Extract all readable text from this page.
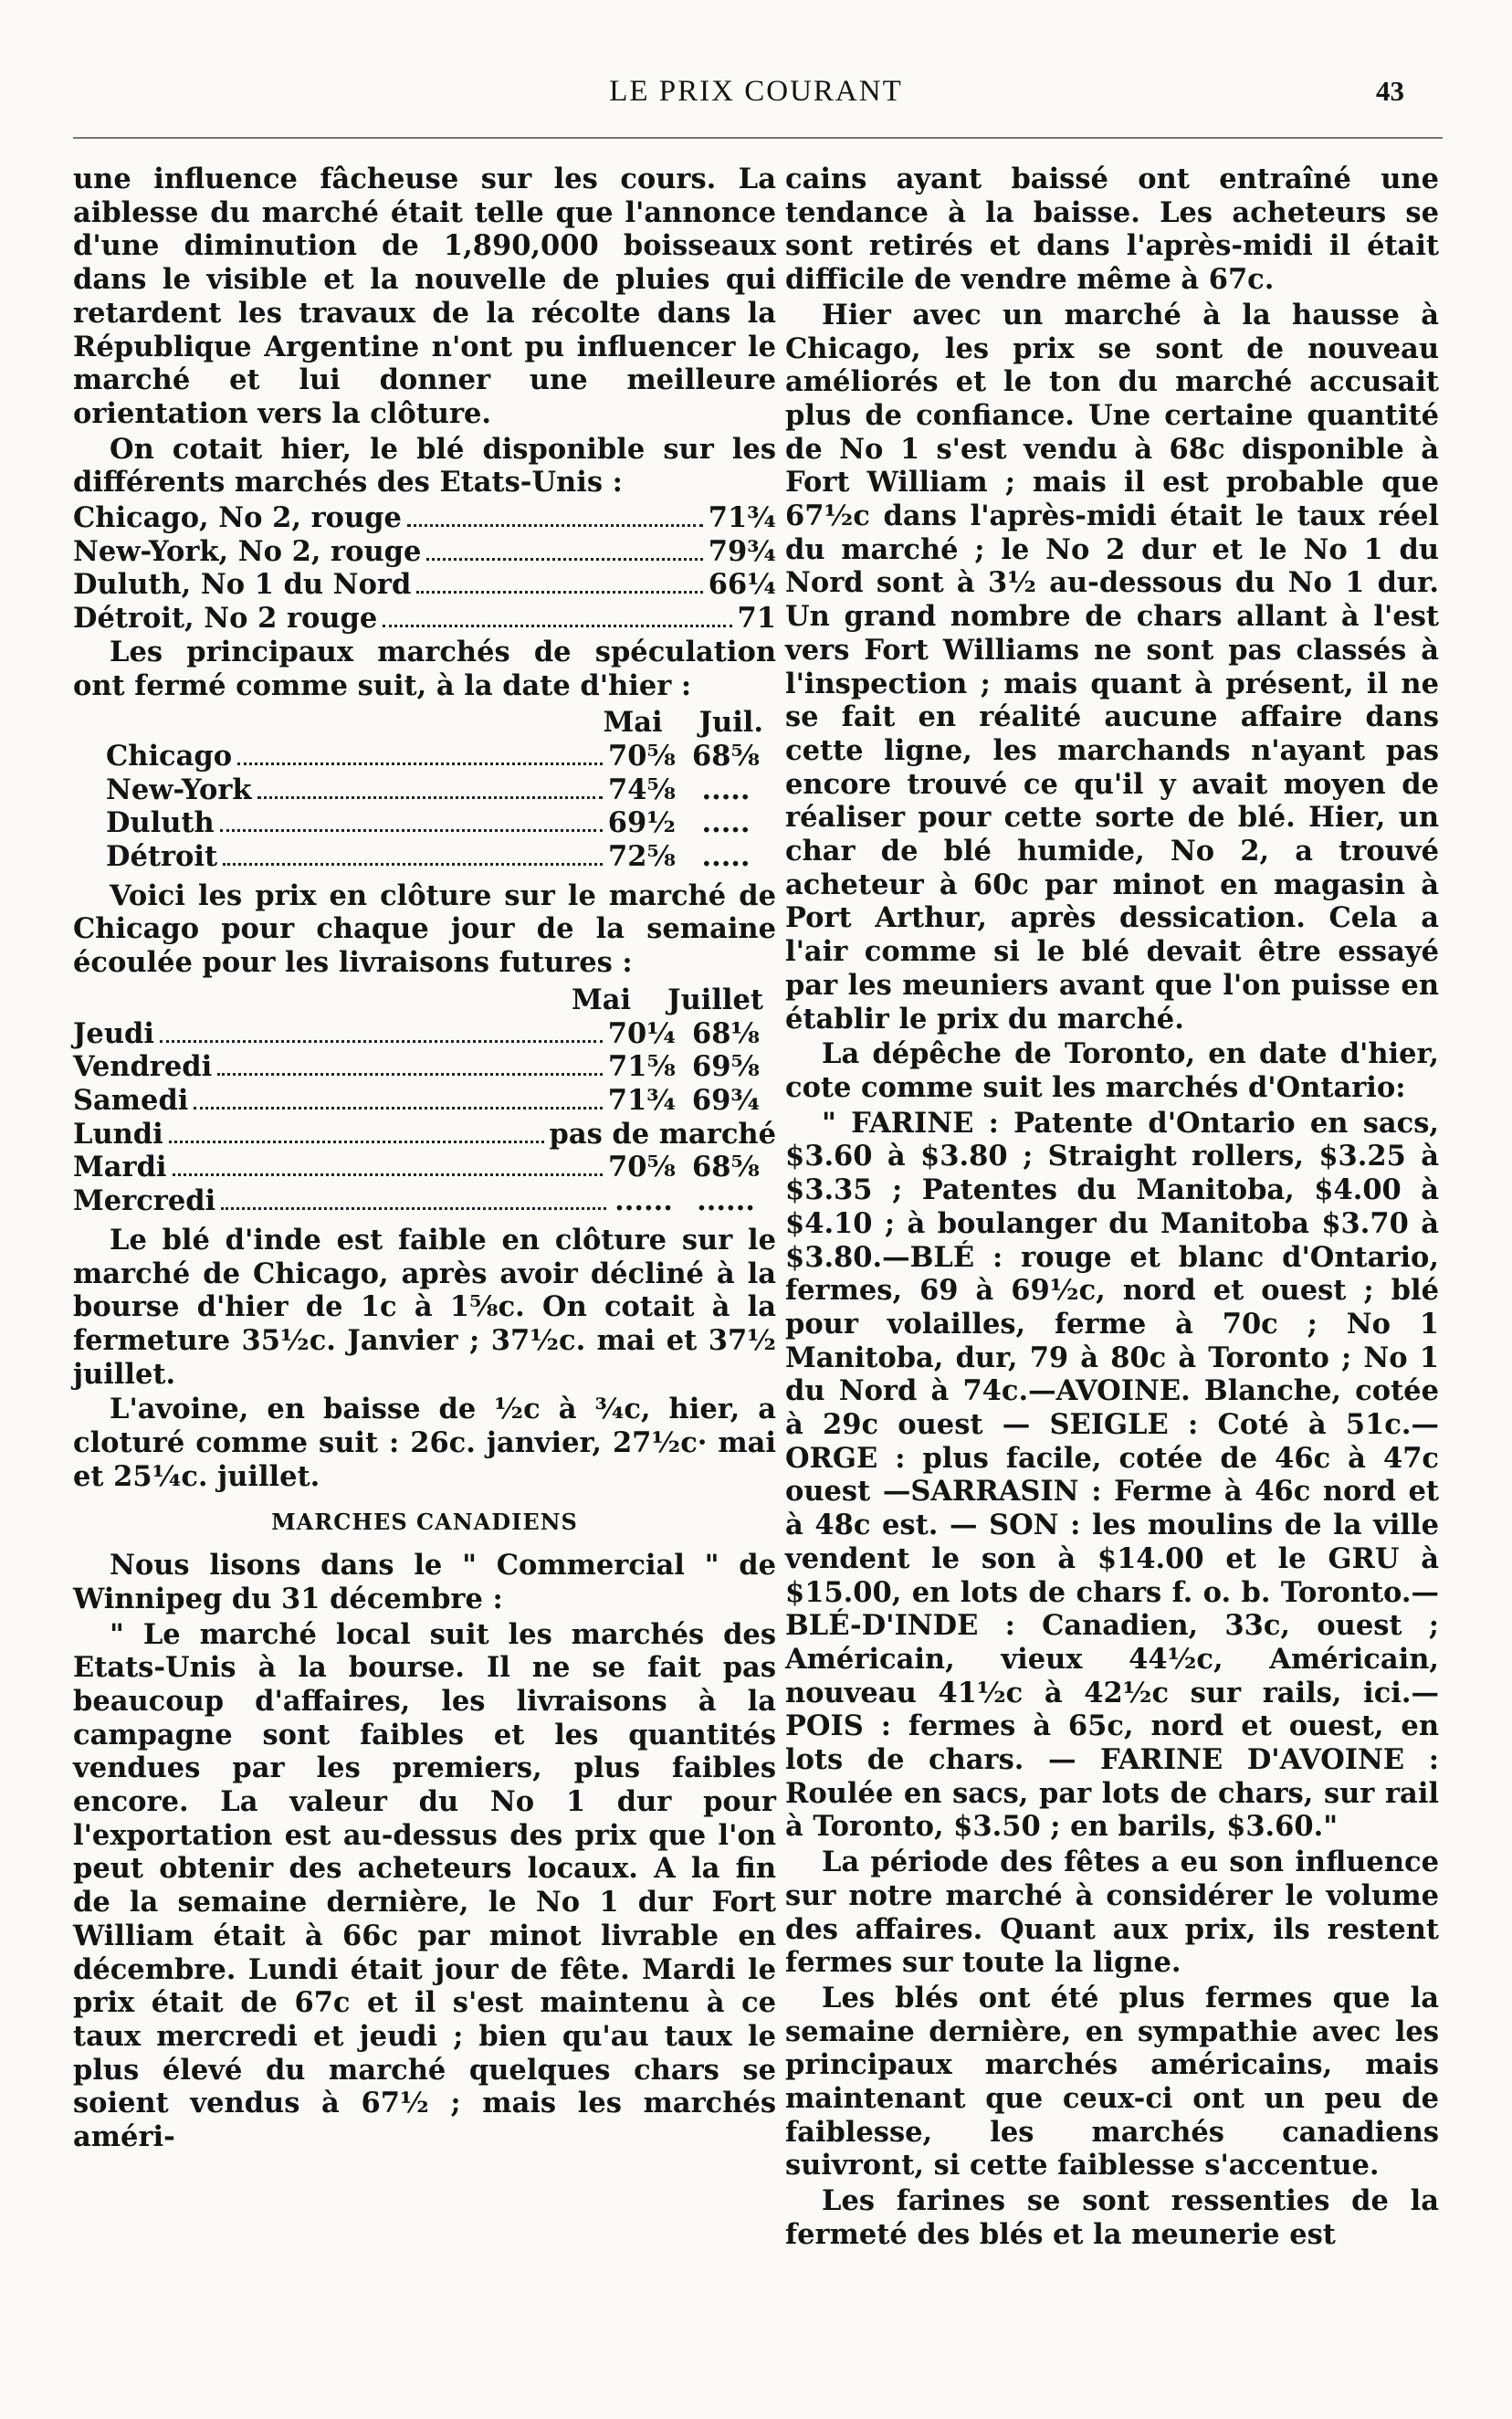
LE PRIX COURANT	43

une influence fâcheuse sur les cours. La aiblesse du marché était telle que l'annonce d'une diminution de 1,890,000 boisseaux dans le visible et la nouvelle de pluies qui retardent les travaux de la récolte dans la République Argentine n'ont pu influencer le marché et lui donner une meilleure orientation vers la clôture.

On cotait hier, le blé disponible sur les différents marchés des Etats-Unis :

Chicago, No 2, rouge	71¾
New-York, No 2, rouge	79¾
Duluth, No 1 du Nord	66¼
Détroit, No 2 rouge	71

Les principaux marchés de spéculation ont fermé comme suit, à la date d'hier :

Mai Juil.
Chicago	70⅝ 68⅝
New-York	74⅝ .....
Duluth	69½ .....
Détroit	72⅝ .....

Voici les prix en clôture sur le marché de Chicago pour chaque jour de la semaine écoulée pour les livraisons futures :

Mai Juillet
Jeudi	70¼ 68⅛
Vendredi	71⅝ 69⅝
Samedi	71¾ 69¾
Lundi	pas de marché
Mardi	70⅝ 68⅝
Mercredi	...... ......

Le blé d'inde est faible en clôture sur le marché de Chicago, après avoir décliné à la bourse d'hier de 1c à 1⅝c. On cotait à la fermeture 35½c. Janvier ; 37½c. mai et 37½ juillet.

L'avoine, en baisse de ½c à ¾c, hier, a cloturé comme suit : 26c. janvier, 27½c· mai et 25¼c. juillet.

MARCHES CANADIENS

Nous lisons dans le " Commercial " de Winnipeg du 31 décembre :

" Le marché local suit les marchés des Etats-Unis à la bourse. Il ne se fait pas beaucoup d'affaires, les livraisons à la campagne sont faibles et les quantités vendues par les premiers, plus faibles encore. La valeur du No 1 dur pour l'exportation est au-dessus des prix que l'on peut obtenir des acheteurs locaux. A la fin de la semaine dernière, le No 1 dur Fort William était à 66c par minot livrable en décembre. Lundi était jour de fête. Mardi le prix était de 67c et il s'est maintenu à ce taux mercredi et jeudi ; bien qu'au taux le plus élevé du marché quelques chars se soient vendus à 67½ ; mais les marchés améri-

cains ayant baissé ont entraîné une tendance à la baisse. Les acheteurs se sont retirés et dans l'après-midi il était difficile de vendre même à 67c.

Hier avec un marché à la hausse à Chicago, les prix se sont de nouveau améliorés et le ton du marché accusait plus de confiance. Une certaine quantité de No 1 s'est vendu à 68c disponible à Fort William ; mais il est probable que 67½c dans l'après-midi était le taux réel du marché ; le No 2 dur et le No 1 du Nord sont à 3½ au-dessous du No 1 dur. Un grand nombre de chars allant à l'est vers Fort Williams ne sont pas classés à l'inspection ; mais quant à présent, il ne se fait en réalité aucune affaire dans cette ligne, les marchands n'ayant pas encore trouvé ce qu'il y avait moyen de réaliser pour cette sorte de blé. Hier, un char de blé humide, No 2, a trouvé acheteur à 60c par minot en magasin à Port Arthur, après dessication. Cela a l'air comme si le blé devait être essayé par les meuniers avant que l'on puisse en établir le prix du marché.

La dépêche de Toronto, en date d'hier, cote comme suit les marchés d'Ontario:

" FARINE : Patente d'Ontario en sacs, $3.60 à $3.80 ; Straight rollers, $3.25 à $3.35 ; Patentes du Manitoba, $4.00 à $4.10 ; à boulanger du Manitoba $3.70 à $3.80.—BLÉ : rouge et blanc d'Ontario, fermes, 69 à 69½c, nord et ouest ; blé pour volailles, ferme à 70c ; No 1 Manitoba, dur, 79 à 80c à Toronto ; No 1 du Nord à 74c.—AVOINE. Blanche, cotée à 29c ouest — SEIGLE : Coté à 51c.—ORGE : plus facile, cotée de 46c à 47c ouest —SARRASIN : Ferme à 46c nord et à 48c est. — SON : les moulins de la ville vendent le son à $14.00 et le GRU à $15.00, en lots de chars f. o. b. Toronto.—BLÉ-D'INDE : Canadien, 33c, ouest ; Américain, vieux 44½c, Américain, nouveau 41½c à 42½c sur rails, ici.— POIS : fermes à 65c, nord et ouest, en lots de chars. — FARINE D'AVOINE : Roulée en sacs, par lots de chars, sur rail à Toronto, $3.50 ; en barils, $3.60."

La période des fêtes a eu son influence sur notre marché à considérer le volume des affaires. Quant aux prix, ils restent fermes sur toute la ligne.

Les blés ont été plus fermes que la semaine dernière, en sympathie avec les principaux marchés américains, mais maintenant que ceux-ci ont un peu de faiblesse, les marchés canadiens suivront, si cette faiblesse s'accentue.

Les farines se sont ressenties de la fermeté des blés et la meunerie est
